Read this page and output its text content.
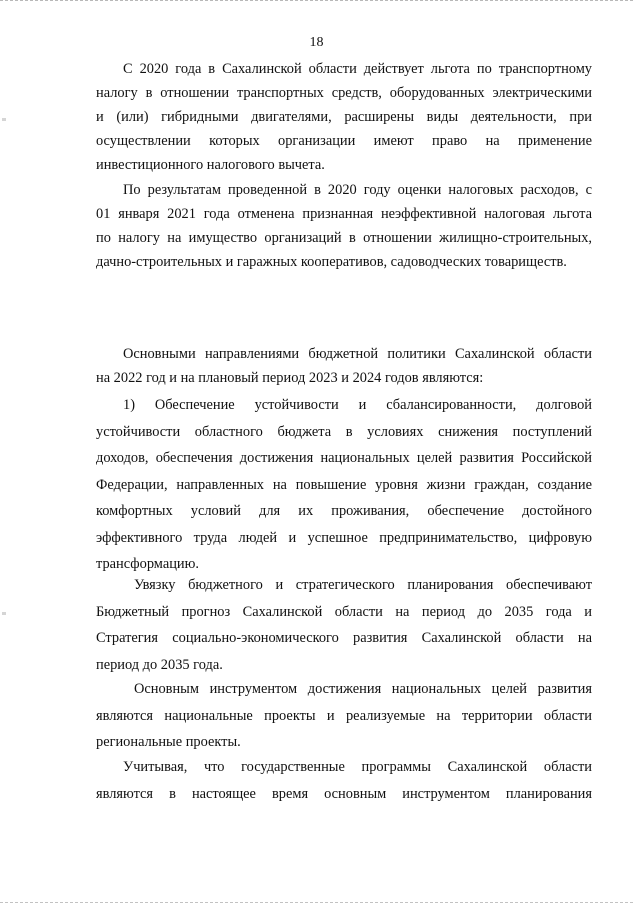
18
С 2020 года в Сахалинской области действует льгота по транспортному
налогу в отношении транспортных средств, оборудованных электрическими
и (или) гибридными двигателями, расширены виды деятельности, при
осуществлении которых организации имеют право на применение
инвестиционного налогового вычета.
По результатам проведенной в 2020 году оценки налоговых расходов, с
01 января 2021 года отменена признанная неэффективной налоговая льгота
по налогу на имущество организаций в отношении жилищно-строительных,
дачно-строительных и гаражных кооперативов, садоводческих товариществ.
Основными направлениями бюджетной политики Сахалинской области
на 2022 год и на плановый период 2023 и 2024 годов являются:
1) Обеспечение устойчивости и сбалансированности, долговой
устойчивости областного бюджета в условиях снижения поступлений
доходов, обеспечения достижения национальных целей развития Российской
Федерации, направленных на повышение уровня жизни граждан, создание
комфортных условий для их проживания, обеспечение достойного
эффективного труда людей и успешное предпринимательство, цифровую
трансформацию.
Увязку бюджетного и стратегического планирования обеспечивают
Бюджетный прогноз Сахалинской области на период до 2035 года и
Стратегия социально-экономического развития Сахалинской области на
период до 2035 года.
Основным инструментом достижения национальных целей развития
являются национальные проекты и реализуемые на территории области
региональные проекты.
Учитывая, что государственные программы Сахалинской области
являются в настоящее время основным инструментом планирования
